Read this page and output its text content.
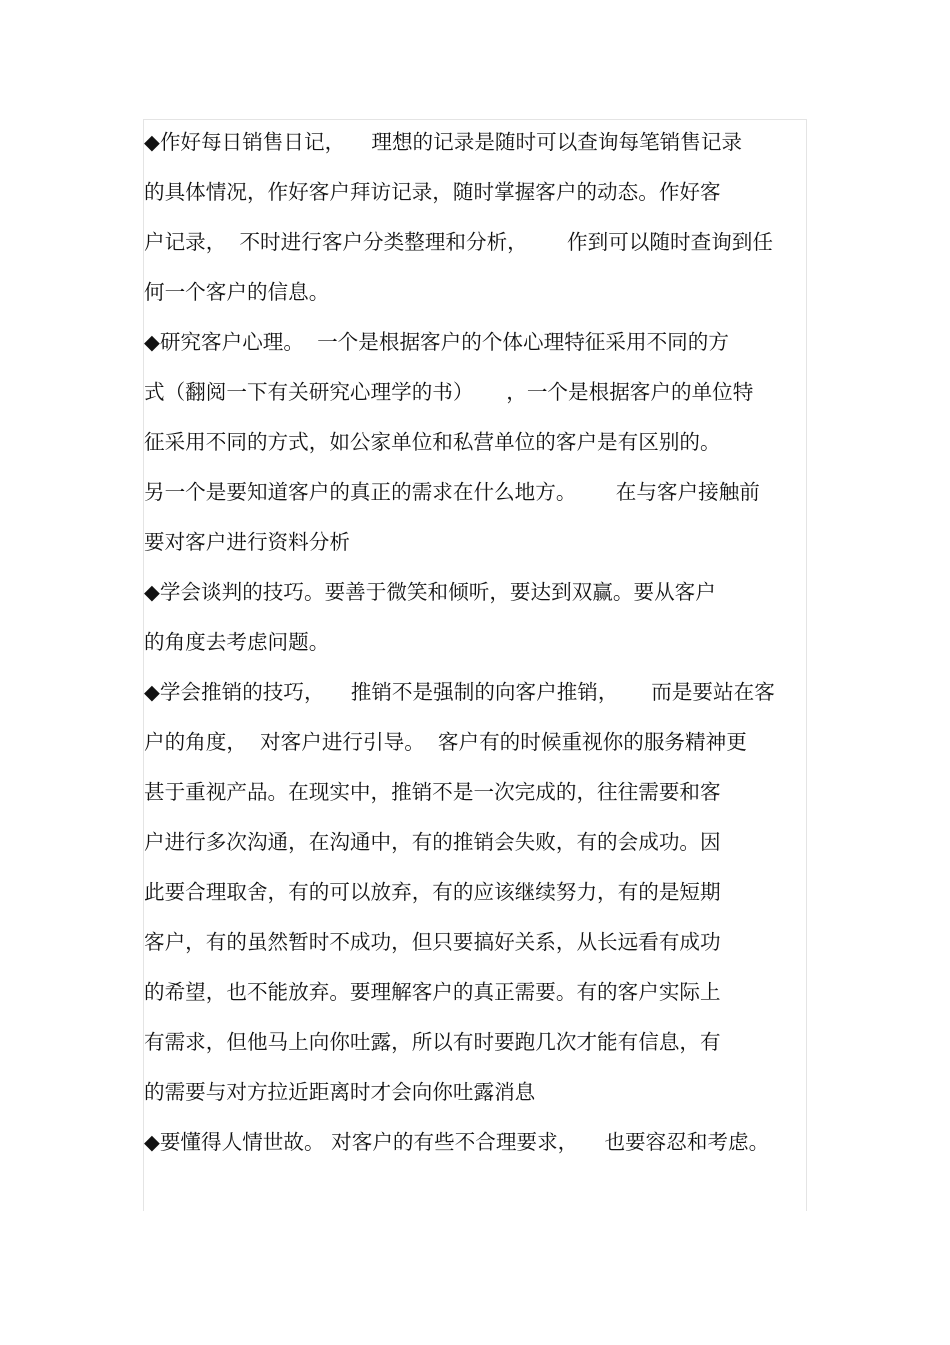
◆作好每日销售日记，    理想的记录是随时可以查询每笔销售记录
的具体情况，作好客户拜访记录，随时掌握客户的动态。作好客
户记录，  不时进行客户分类整理和分析，      作到可以随时查询到任
何一个客户的信息。
◆研究客户心理。  一个是根据客户的个体心理特征采用不同的方
式（翻阅一下有关研究心理学的书）     ，一个是根据客户的单位特
征采用不同的方式，如公家单位和私营单位的客户是有区别的。
另一个是要知道客户的真正的需求在什么地方。      在与客户接触前
要对客户进行资料分析
◆学会谈判的技巧。要善于微笑和倾听，要达到双赢。要从客户
的角度去考虑问题。
◆学会推销的技巧，    推销不是强制的向客户推销，     而是要站在客
户的角度，  对客户进行引导。  客户有的时候重视你的服务精神更
甚于重视产品。在现实中，推销不是一次完成的，往往需要和客
户进行多次沟通，在沟通中，有的推销会失败，有的会成功。因
此要合理取舍，有的可以放弃，有的应该继续努力，有的是短期
客户，有的虽然暂时不成功，但只要搞好关系，从长远看有成功
的希望，也不能放弃。要理解客户的真正需要。有的客户实际上
有需求，但他马上向你吐露，所以有时要跑几次才能有信息，有
的需要与对方拉近距离时才会向你吐露消息
◆要懂得人情世故。 对客户的有些不合理要求，    也要容忍和考虑。
